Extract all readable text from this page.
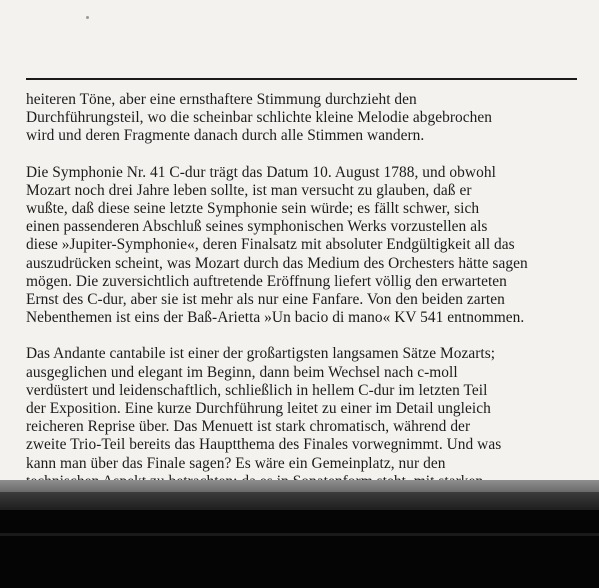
heiteren Töne, aber eine ernsthaftere Stimmung durchzieht den
Durchführungsteil, wo die scheinbar schlichte kleine Melodie abgebrochen
wird und deren Fragmente danach durch alle Stimmen wandern.

Die Symphonie Nr. 41 C-dur trägt das Datum 10. August 1788, und obwohl
Mozart noch drei Jahre leben sollte, ist man versucht zu glauben, daß er
wußte, daß diese seine letzte Symphonie sein würde; es fällt schwer, sich
einen passenderen Abschluß seines symphonischen Werks vorzustellen als
diese »Jupiter-Symphonie«, deren Finalsatz mit absoluter Endgültigkeit all das
auszudrücken scheint, was Mozart durch das Medium des Orchesters hätte sagen
mögen. Die zuversichtlich auftretende Eröffnung liefert völlig den erwarteten
Ernst des C-dur, aber sie ist mehr als nur eine Fanfare. Von den beiden zarten
Nebenthemen ist eins der Baß-Arietta »Un bacio di mano« KV 541 entnommen.

Das Andante cantabile ist einer der großartigsten langsamen Sätze Mozarts;
ausgeglichen und elegant im Beginn, dann beim Wechsel nach c-moll
verdüstert und leidenschaftlich, schließlich in hellem C-dur im letzten Teil
der Exposition. Eine kurze Durchführung leitet zu einer im Detail ungleich
reicheren Reprise über. Das Menuett ist stark chromatisch, während der
zweite Trio-Teil bereits das Hauptthema des Finales vorwegnimmt. Und was
kann man über das Finale sagen? Es wäre ein Gemeinplatz, nur den
